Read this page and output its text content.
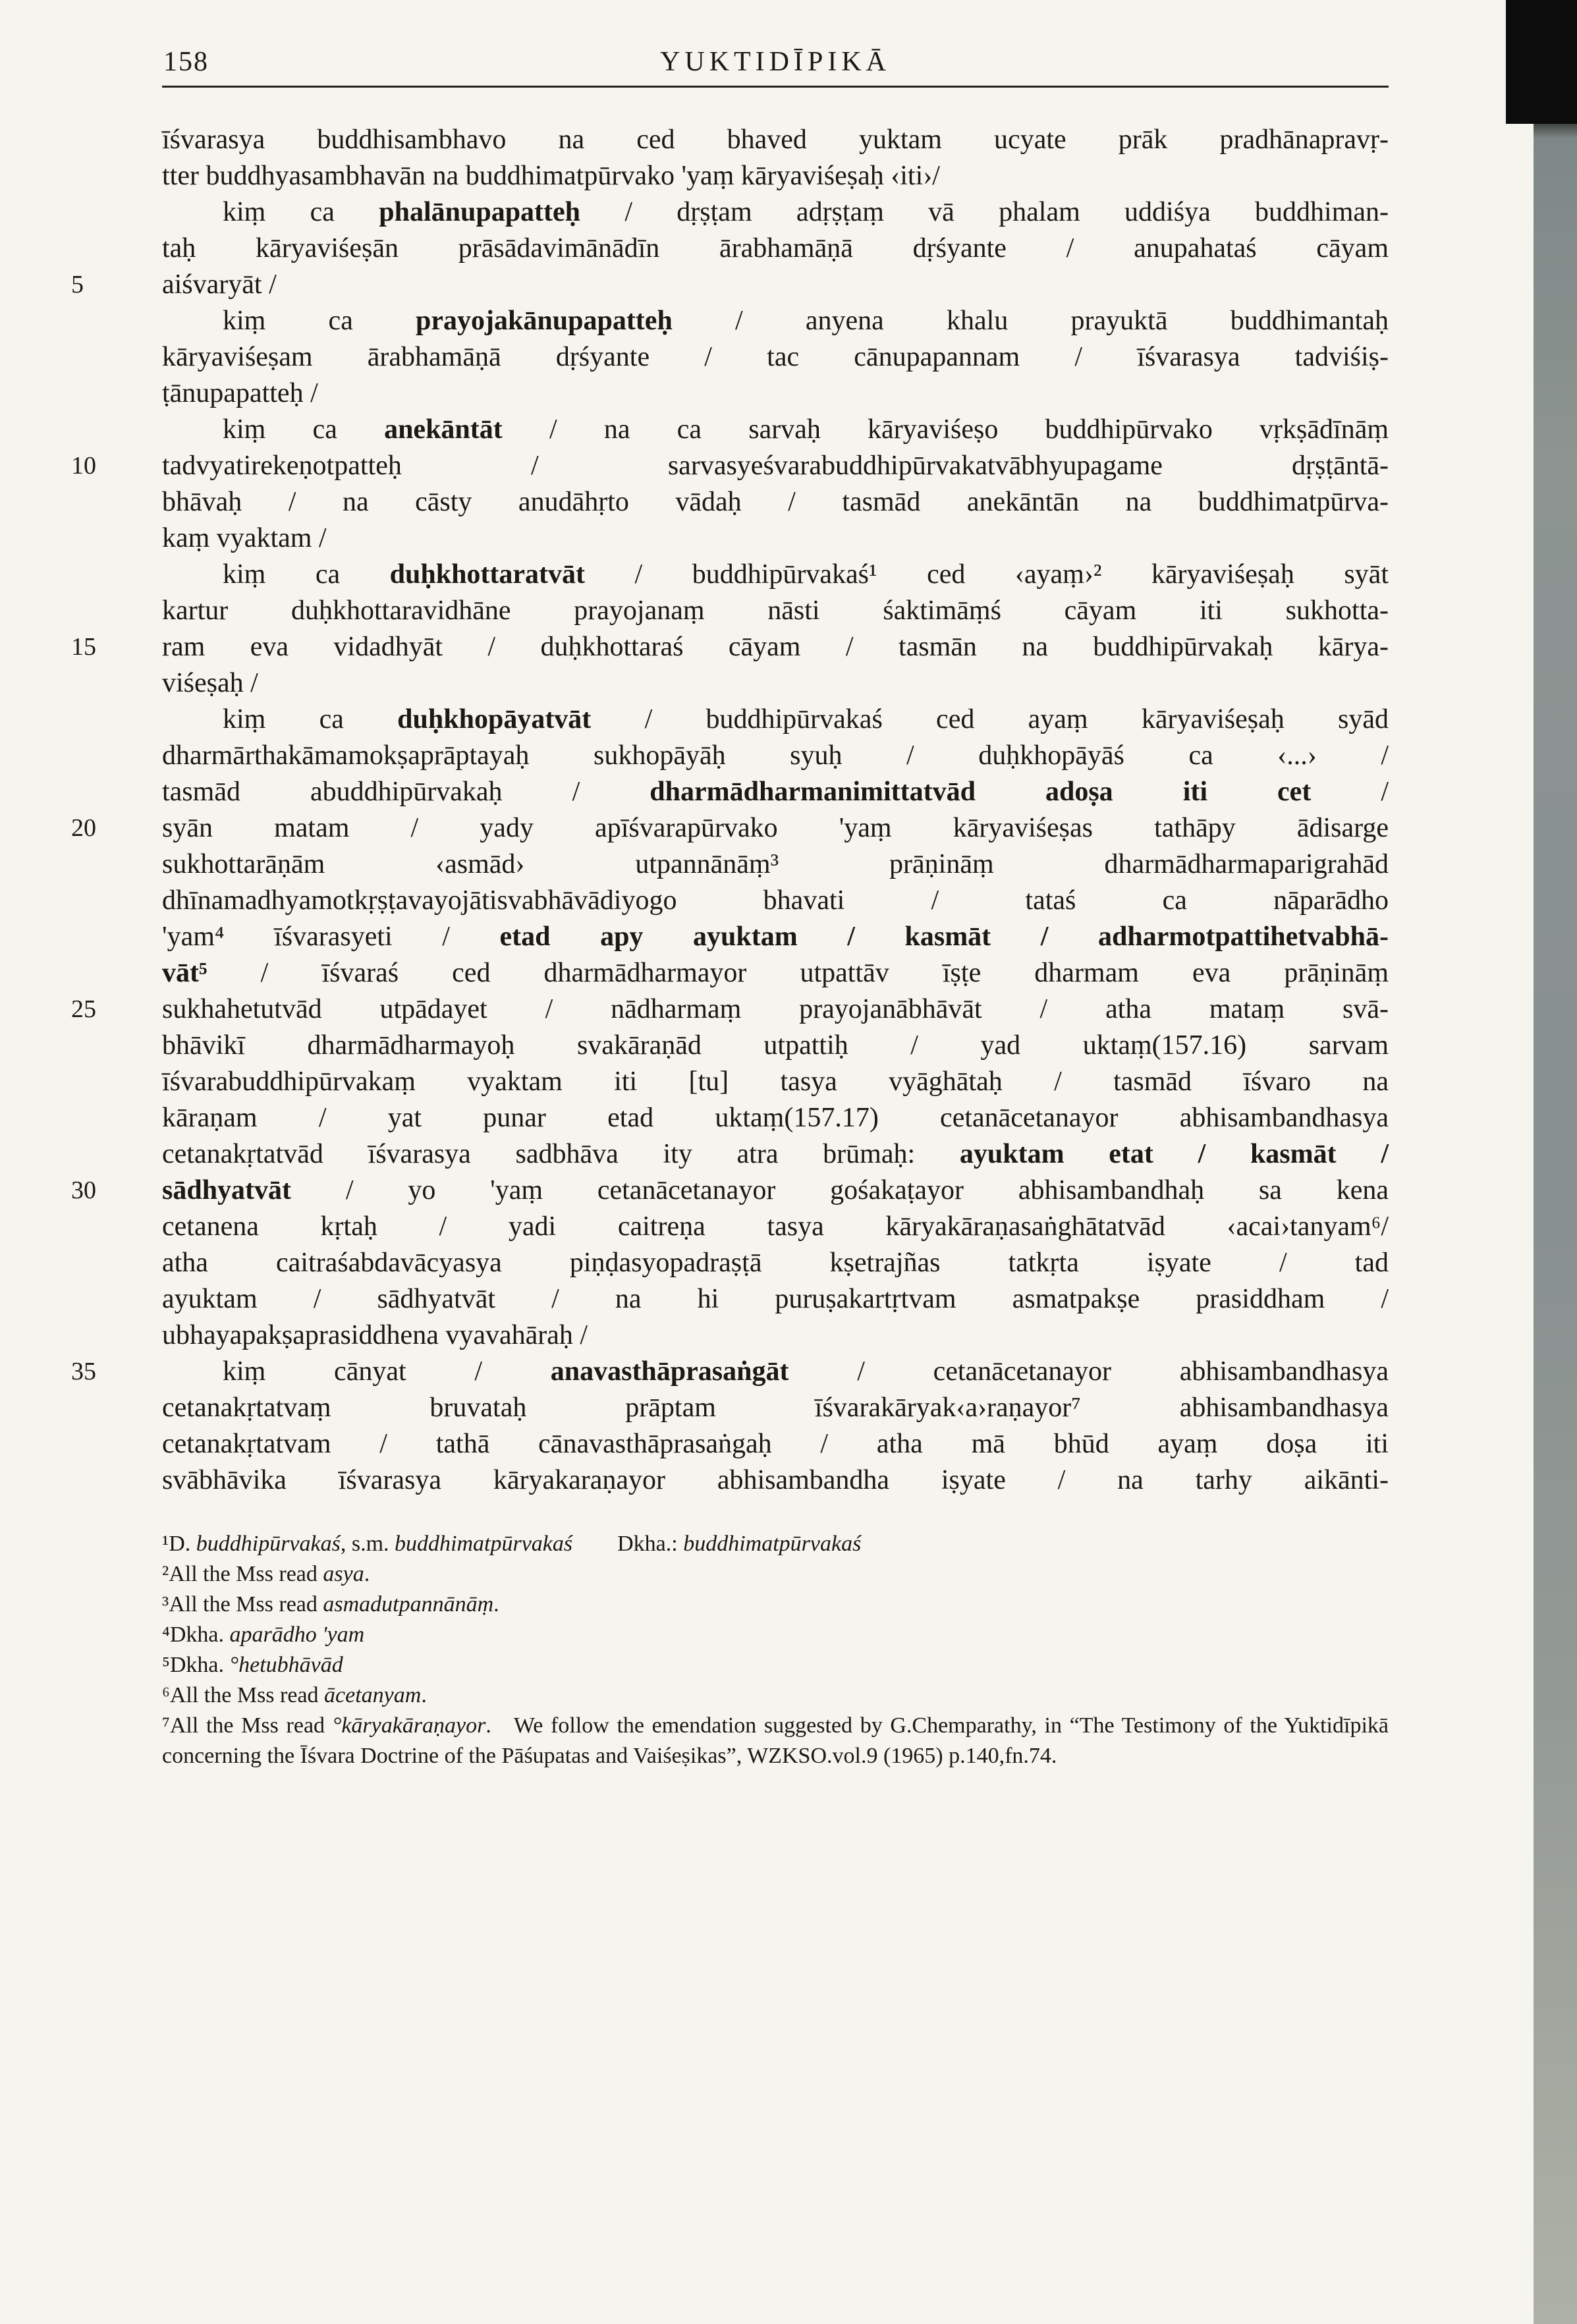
158	YUKTIDĪPIKĀ
īśvarasya buddhisambhavo na ced bhaved yuktam ucyate prāk pradhānapravṛ-
tter buddhyasambhavān na buddhimatpūrvako 'yaṃ kāryaviśeṣaḥ ‹iti›/
kiṃ ca phalānupapatteḥ / dṛṣṭam adṛṣṭaṃ vā phalam uddiśya buddhiman-
taḥ kāryaviśeṣān prāsādavimānādīn ārabhamāṇā dṛśyante / anupahataś cāyam
5	aiśvaryāt /
kiṃ ca prayojakānupapatteḥ / anyena khalu prayuktā buddhimantaḥ
kāryaviśeṣam ārabhamāṇā dṛśyante / tac cānupapannam / īśvarasya tadviśiṣ-
ṭānupapatteḥ /
kiṃ ca anekāntāt / na ca sarvaḥ kāryaviśeṣo buddhipūrvako vṛkṣādīnāṃ
10	tadvyatirekeṇotpatteḥ / sarvasyeśvarabuddhipūrvakatvābhyupagame dṛṣṭāntā-
bhāvaḥ / na cāsty anudāhṛto vādaḥ / tasmād anekāntān na buddhimatpūrva-
kaṃ vyaktam /
kiṃ ca duḥkhottaratvāt / buddhipūrvakaś¹ ced ‹ayaṃ›² kāryaviśeṣaḥ syāt
kartur duḥkhottaravidhāne prayojanaṃ nāsti śaktimāṃś cāyam iti sukhotta-
15	ram eva vidadhyāt / duḥkhottaraś cāyam / tasmān na buddhipūrvakaḥ kārya-
viśeṣaḥ /
kiṃ ca duḥkhopāyatvāt / buddhipūrvakaś ced ayaṃ kāryaviśeṣaḥ syād
dharmārthakāmamokṣaprāptayaḥ sukhopāyāḥ syuḥ / duḥkhopāyāś ca ‹...› /
tasmād abuddhipūrvakaḥ / dharmādharmanimittatvād adoṣa iti cet /
20	syān matam / yady apīśvarapūrvako 'yaṃ kāryaviśeṣas tathāpy ādisarge
sukhottarāṇām ‹asmād› utpannānāṃ³ prāṇināṃ dharmādharmaparigrahād
dhīnamadhyamotkṛṣṭavayojātisvabhāvādiyogo bhavati / tataś ca nāparādho
'yam⁴ īśvarasyeti / etad apy ayuktam / kasmāt / adharmotpattihetvabhā-
vāt⁵ / īśvaraś ced dharmādharmayor utpattāv īṣṭe dharmam eva prāṇināṃ
25	sukhahetutvād utpādayet / nādharmaṃ prayojanābhāvāt / atha mataṃ svā-
bhāvikī dharmādharmayoḥ svakāraṇād utpattiḥ / yad uktaṃ(157.16) sarvam
īśvarabuddhipūrvakaṃ vyaktam iti [tu] tasya vyāghātaḥ / tasmād īśvaro na
kāraṇam / yat punar etad uktaṃ(157.17) cetanācetanayor abhisambandhasya
cetanakṛtatvād īśvarasya sadbhāva ity atra brūmaḥ: ayuktam etat / kasmāt /
30	sādhyatvāt / yo 'yaṃ cetanācetanayor gośakaṭayor abhisambandhaḥ sa kena
cetanena kṛtaḥ / yadi caitreṇa tasya kāryakāraṇasaṅghātatvād ‹acai›tanyam⁶/
atha caitraśabdavācyasya piṇḍasyopadraṣṭā kṣetrajñas tatkṛta iṣyate / tad
ayuktam / sādhyatvāt / na hi puruṣakartṛtvam asmatpakṣe prasiddham /
ubhayapakṣaprasiddhena vyavahāraḥ /
35	kiṃ cānyat / anavasthāprasaṅgāt / cetanācetanayor abhisambandhasya
cetanakṛtatvaṃ bruvataḥ prāptam īśvarakāryak‹a›raṇayor⁷ abhisambandhasya
cetanakṛtatvam / tathā cānavasthāprasaṅgaḥ / atha mā bhūd ayaṃ doṣa iti
svābhāvika īśvarasya kāryakaraṇayor abhisambandha iṣyate / na tarhy aikānti-
¹D. buddhipūrvakaś, s.m. buddhimatpūrvakaś  Dkha.: buddhimatpūrvakaś
²All the Mss read asya.
³All the Mss read asmadutpannānāṃ.
⁴Dkha. aparādho 'yam
⁵Dkha. °hetubhāvād
⁶All the Mss read ācetanyam.
⁷All the Mss read °kāryakāraṇayor. We follow the emendation suggested by G.Chemparathy, in “The Testimony of the Yuktidīpikā concerning the Īśvara Doctrine of the Pāśupatas and Vaiśeṣikas”, WZKSO.vol.9 (1965) p.140,fn.74.
